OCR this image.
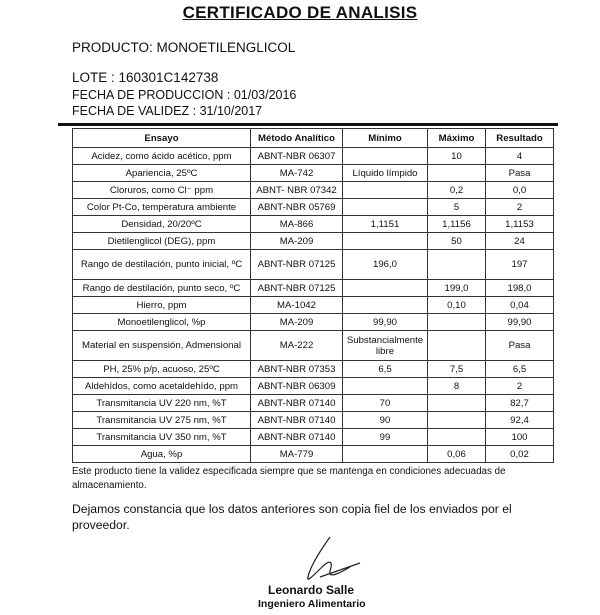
CERTIFICADO DE ANALISIS
PRODUCTO: MONOETILENGLICOL
LOTE : 160301C142738
FECHA DE PRODUCCION : 01/03/2016
FECHA DE VALIDEZ : 31/10/2017
Ensayo	Método Analítico	Mínimo	Máximo	Resultado
Acidez, como ácido acético, ppm	ABNT-NBR 06307		10	4
Apariencia, 25ºC	MA-742	Líquido límpido		Pasa
Cloruros, como Cl⁻ ppm	ABNT- NBR 07342		0,2	0,0
Color Pt-Co, temperatura ambiente	ABNT-NBR 05769		5	2
Densidad, 20/20ºC	MA-866	1,1151	1,1156	1,1153
Dietilenglicol (DEG), ppm	MA-209		50	24
Rango de destilación, punto inicial, ºC	ABNT-NBR 07125	196,0		197
Rango de destilación, punto seco, ºC	ABNT-NBR 07125		199,0	198,0
Hierro, ppm	MA-1042		0,10	0,04
Monoetilenglicol, %p	MA-209	99,90		99,90
Material en suspensión, Admensional	MA-222	Substancialmente libre		Pasa
PH, 25% p/p, acuoso, 25ºC	ABNT-NBR 07353	6,5	7,5	6,5
Aldehídos, como acetaldehído, ppm	ABNT-NBR 06309		8	2
Transmitancia UV 220 nm, %T	ABNT-NBR 07140	70		82,7
Transmitancia UV 275 nm, %T	ABNT-NBR 07140	90		92,4
Transmitancia UV 350 nm, %T	ABNT-NBR 07140	99		100
Agua, %p	MA-779		0,06	0,02
Este producto tiene la validez especificada siempre que se mantenga en condiciones adecuadas de almacenamiento.
Dejamos constancia que los datos anteriores son copia fiel de los enviados por el proveedor.
Leonardo Salle
Ingeniero Alimentario
